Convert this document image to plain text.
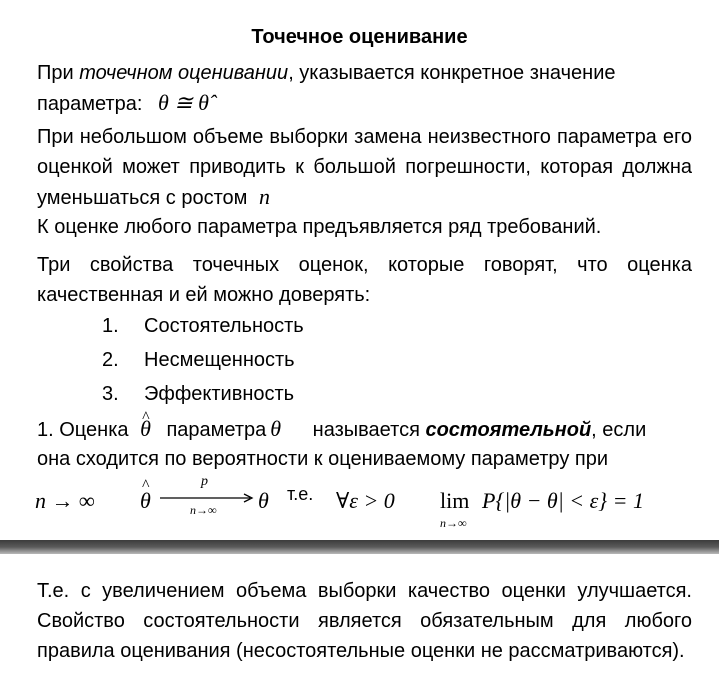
Точечное оценивание
При точечном оценивании, указывается конкретное значение
параметра: θ ≅ θ̂
При небольшом объеме выборки замена неизвестного параметра его оценкой может приводить к большой погрешности, которая должна уменьшаться с ростом n
К оценке любого параметра предъявляется ряд требований.
Три свойства точечных оценок, которые говорят, что оценка качественная и ей можно доверять:
1. Состоятельность
2. Несмещенность
3. Эффективность
1. Оценка ^ θ параметра θ называется состоятельной, если
она сходится по вероятности к оцениваемому параметру при
n → ∞ ^ θ
p
n→∞ θ т.е. ∀ε > 0 lim
n→∞
P{|θ − θ| < ε} = 1
Т.е. с увеличением объема выборки качество оценки улучшается. Свойство состоятельности является обязательным для любого правила оценивания (несостоятельные оценки не рассматриваются).
